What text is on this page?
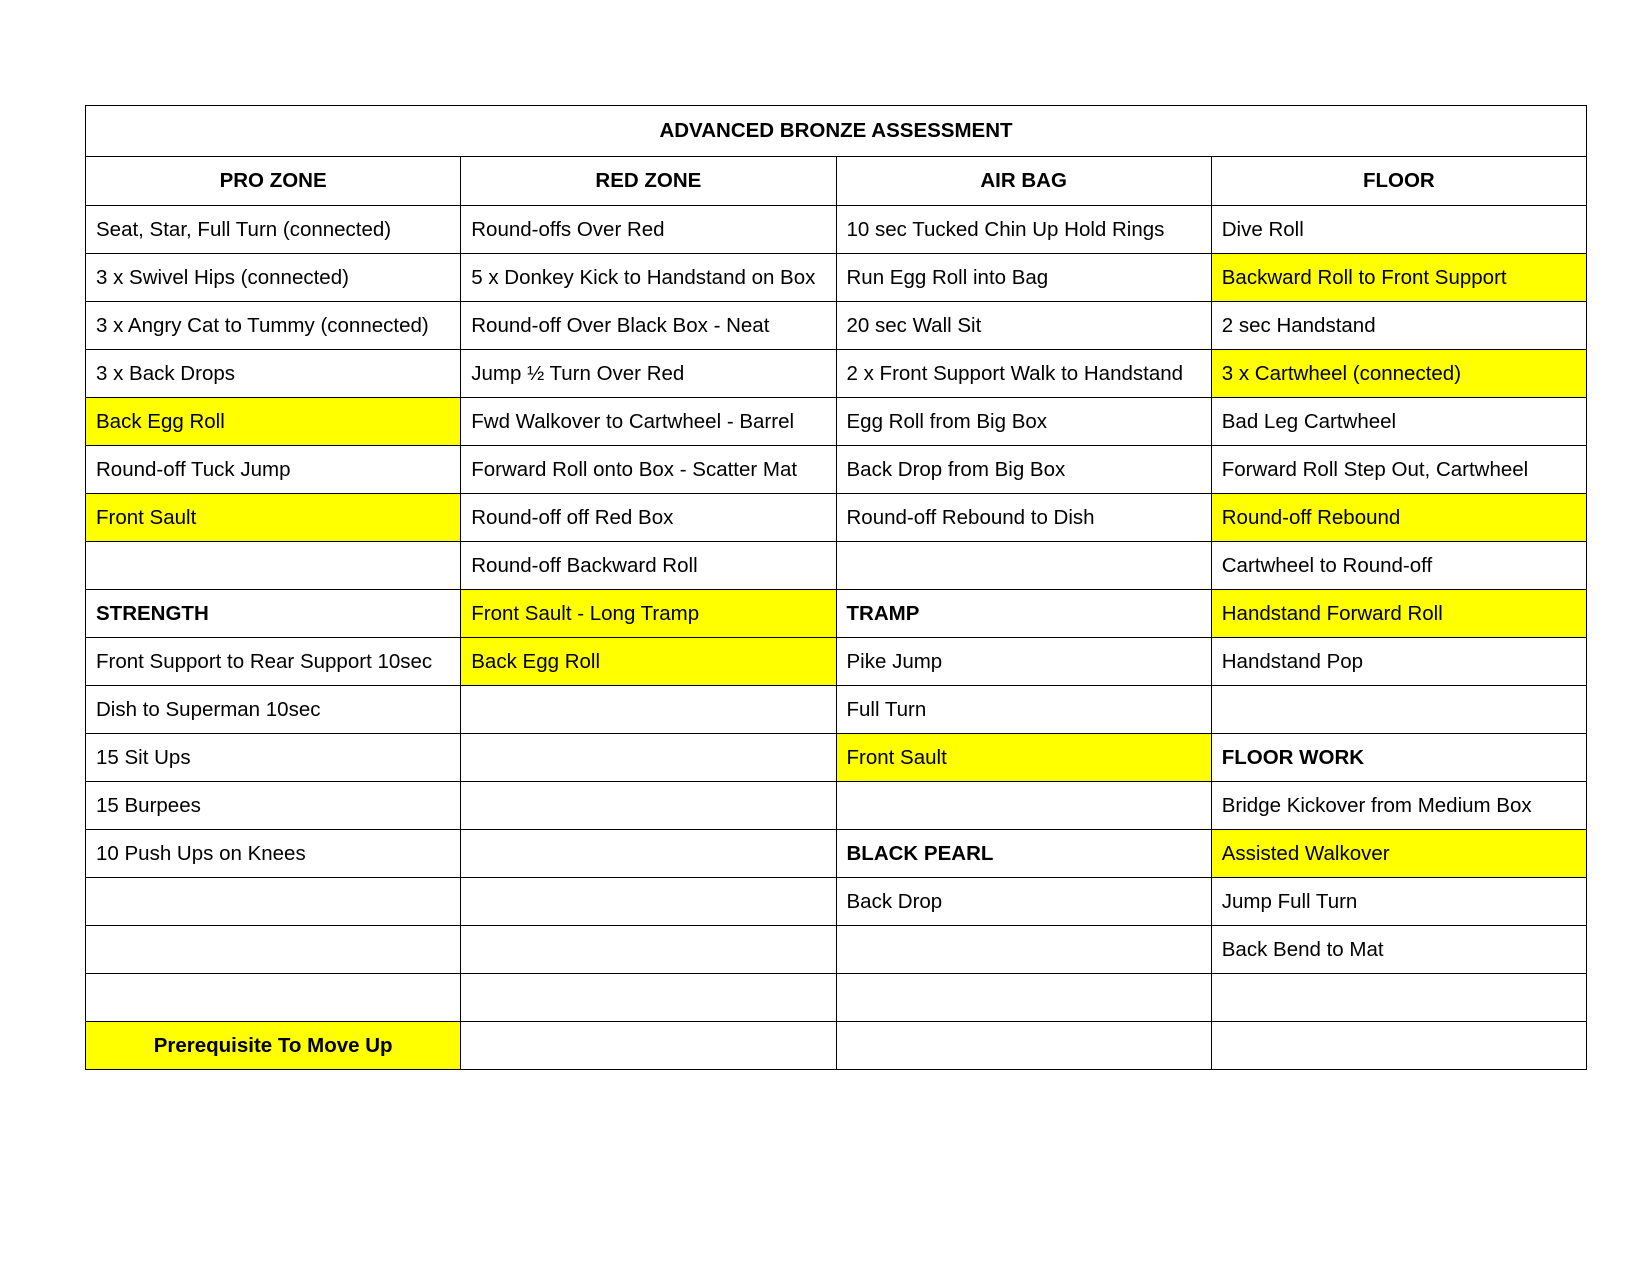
ADVANCED BRONZE ASSESSMENT			
PRO ZONE	RED ZONE	AIR BAG	FLOOR
Seat, Star, Full Turn (connected)	Round-offs Over Red	10 sec Tucked Chin Up Hold Rings	Dive Roll
3 x Swivel Hips (connected)	5 x Donkey Kick to Handstand on Box	Run Egg Roll into Bag	Backward Roll to Front Support
3 x Angry Cat to Tummy (connected)	Round-off Over Black Box - Neat	20 sec Wall Sit	2 sec Handstand
3 x Back Drops	Jump ½ Turn Over Red	2 x Front Support Walk to Handstand	3 x Cartwheel (connected)
Back Egg Roll	Fwd Walkover to Cartwheel - Barrel	Egg Roll from Big Box	Bad Leg Cartwheel
Round-off Tuck Jump	Forward Roll onto Box - Scatter Mat	Back Drop from Big Box	Forward Roll Step Out, Cartwheel
Front Sault	Round-off off Red Box	Round-off Rebound to Dish	Round-off Rebound
	Round-off Backward Roll		Cartwheel to Round-off
STRENGTH	Front Sault - Long Tramp	TRAMP	Handstand Forward Roll
Front Support to Rear Support 10sec	Back Egg Roll	Pike Jump	Handstand Pop
Dish to Superman 10sec		Full Turn	
15 Sit Ups		Front Sault	FLOOR WORK
15 Burpees			Bridge Kickover from Medium Box
10 Push Ups on Knees		BLACK PEARL	Assisted Walkover
		Back Drop	Jump Full Turn
			Back Bend to Mat

Prerequisite To Move Up			
